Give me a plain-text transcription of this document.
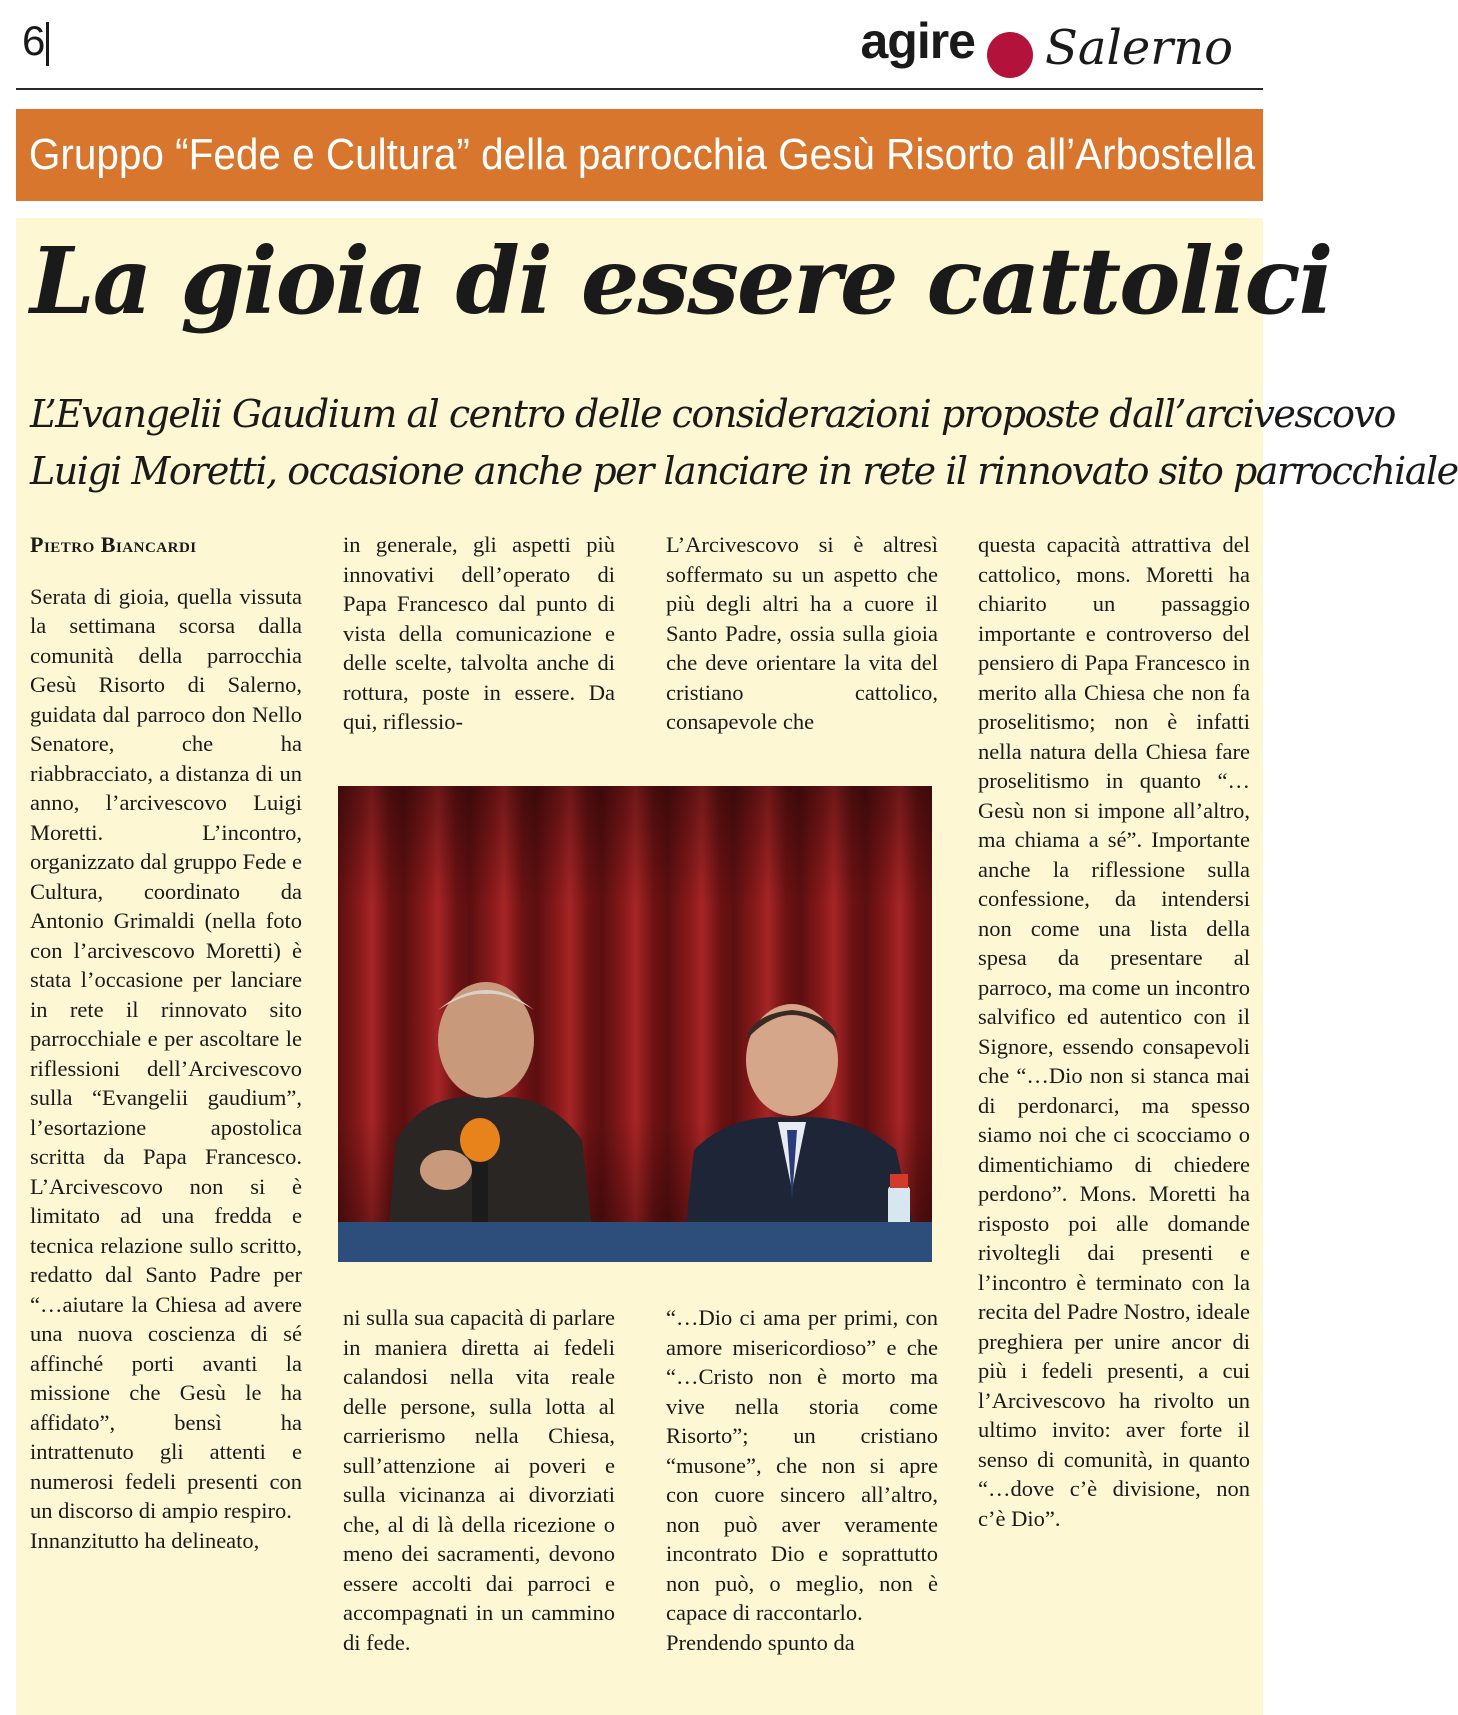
6	agire Salerno
Gruppo “Fede e Cultura” della parrocchia Gesù Risorto all’Arbostella
La gioia di essere cattolici
L’Evangelii Gaudium al centro delle considerazioni proposte dall’arcivescovo
Luigi Moretti, occasione anche per lanciare in rete il rinnovato sito parrocchiale
Pietro Biancardi

Serata di gioia, quella vissuta la settimana scorsa dalla comunità della parrocchia Gesù Risorto di Salerno, guidata dal parroco don Nello Senatore, che ha riabbracciato, a distanza di un anno, l’arcivescovo Luigi Moretti. L’incontro, organizzato dal gruppo Fede e Cultura, coordinato da Antonio Grimaldi (nella foto con l’arcivescovo Moretti) è stata l’occasione per lanciare in rete il rinnovato sito parrocchiale e per ascoltare le riflessioni dell’Arcivescovo sulla “Evangelii gaudium”, l’esortazione apostolica scritta da Papa Francesco. L’Arcivescovo non si è limitato ad una fredda e tecnica relazione sullo scritto, redatto dal Santo Padre per “…aiutare la Chiesa ad avere una nuova coscienza di sé affinché porti avanti la missione che Gesù le ha affidato”, bensì ha intrattenuto gli attenti e numerosi fedeli presenti con un discorso di ampio respiro.

Innanzitutto ha delineato,

in generale, gli aspetti più innovativi dell’operato di Papa Francesco dal punto di vista della comunicazione e delle scelte, talvolta anche di rottura, poste in essere. Da qui, riflessio-

L’Arcivescovo si è altresì soffermato su un aspetto che più degli altri ha a cuore il Santo Padre, ossia sulla gioia che deve orientare la vita del cristiano cattolico, consapevole che

questa capacità attrattiva del cattolico, mons. Moretti ha chiarito un passaggio importante e controverso del pensiero di Papa Francesco in merito alla Chiesa che non fa proselitismo; non è infatti nella natura della Chiesa fare proselitismo in quanto “…Gesù non si impone all’altro, ma chiama a sé”. Importante anche la riflessione sulla confessione, da intendersi non come una lista della spesa da presentare al parroco, ma come un incontro salvifico ed autentico con il Signore, essendo consapevoli che “…Dio non si stanca mai di perdonarci, ma spesso siamo noi che ci scocciamo o dimentichiamo di chiedere perdono”. Mons. Moretti ha risposto poi alle domande rivoltegli dai presenti e l’incontro è terminato con la recita del Padre Nostro, ideale preghiera per unire ancor di più i fedeli presenti, a cui l’Arcivescovo ha rivolto un ultimo invito: aver forte il senso di comunità, in quanto “…dove c’è divisione, non c’è Dio”.

ni sulla sua capacità di parlare in maniera diretta ai fedeli calandosi nella vita reale delle persone, sulla lotta al carrierismo nella Chiesa, sull’attenzione ai poveri e sulla vicinanza ai divorziati che, al di là della ricezione o meno dei sacramenti, devono essere accolti dai parroci e accompagnati in un cammino di fede.

“…Dio ci ama per primi, con amore misericordioso” e che “…Cristo non è morto ma vive nella storia come Risorto”; un cristiano “musone”, che non si apre con cuore sincero all’altro, non può aver veramente incontrato Dio e soprattutto non può, o meglio, non è capace di raccontarlo.

Prendendo spunto da
